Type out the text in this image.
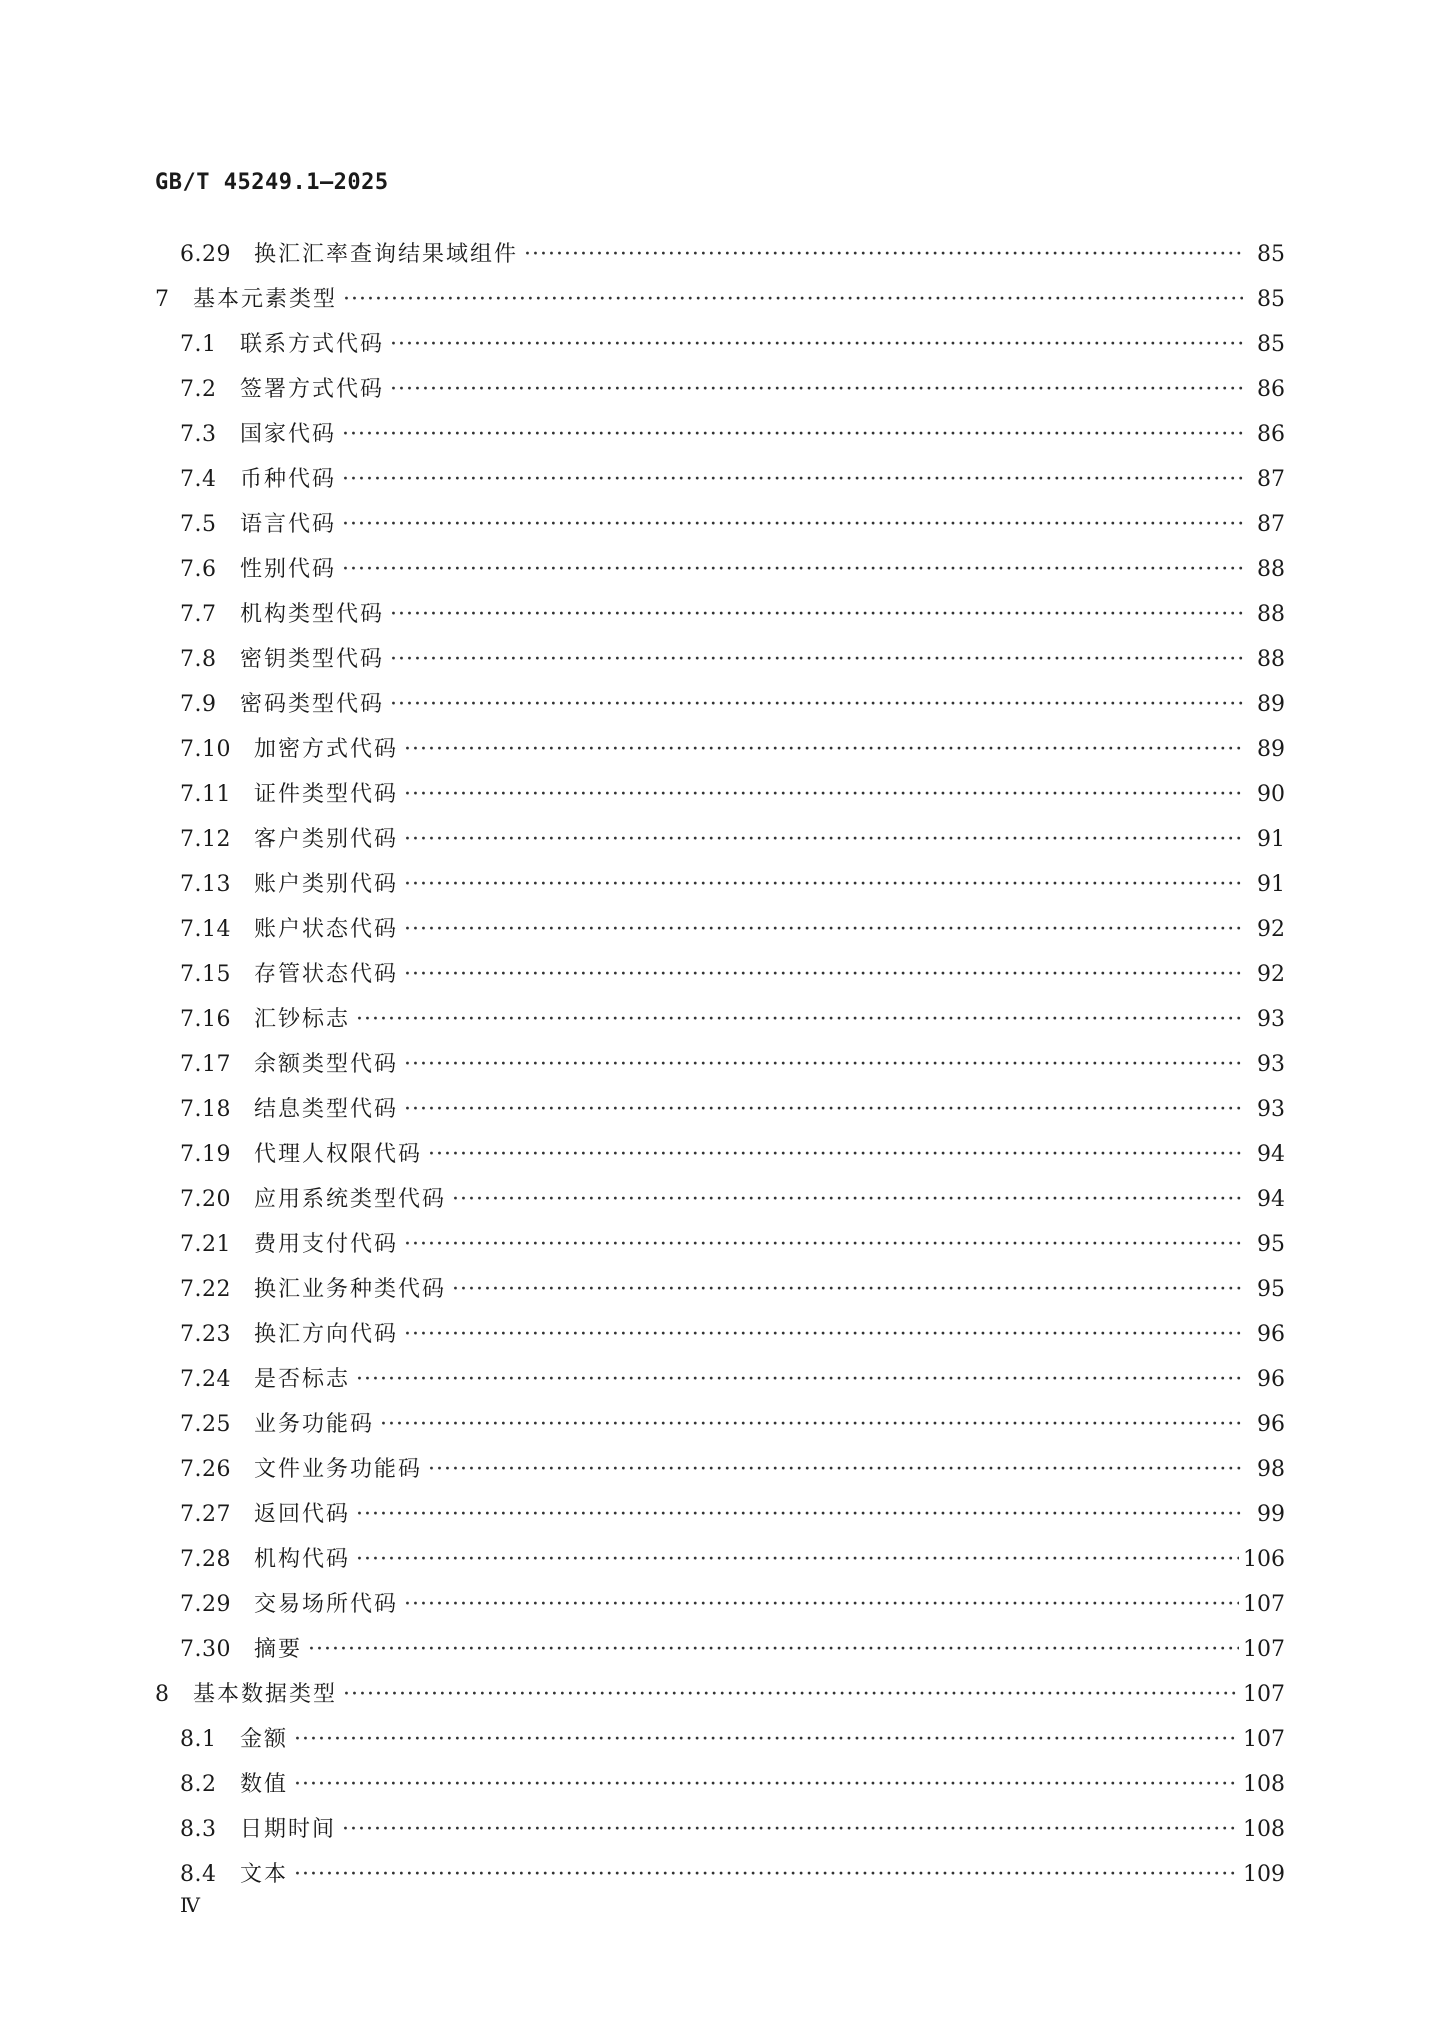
GB/T 45249.1—2025
6.29	换汇汇率查询结果域组件 ·····	85
7	基本元素类型 ·····	85
7.1	联系方式代码 ·····	85
7.2	签署方式代码 ·····	86
7.3	国家代码 ·····	86
7.4	币种代码 ·····	87
7.5	语言代码 ·····	87
7.6	性别代码 ·····	88
7.7	机构类型代码 ·····	88
7.8	密钥类型代码 ·····	88
7.9	密码类型代码 ·····	89
7.10	加密方式代码 ·····	89
7.11	证件类型代码 ·····	90
7.12	客户类别代码 ·····	91
7.13	账户类别代码 ·····	91
7.14	账户状态代码 ·····	92
7.15	存管状态代码 ·····	92
7.16	汇钞标志 ·····	93
7.17	余额类型代码 ·····	93
7.18	结息类型代码 ·····	93
7.19	代理人权限代码 ·····	94
7.20	应用系统类型代码 ·····	94
7.21	费用支付代码 ·····	95
7.22	换汇业务种类代码 ·····	95
7.23	换汇方向代码 ·····	96
7.24	是否标志 ·····	96
7.25	业务功能码 ·····	96
7.26	文件业务功能码 ·····	98
7.27	返回代码 ·····	99
7.28	机构代码 ·····	106
7.29	交易场所代码 ·····	107
7.30	摘要 ·····	107
8	基本数据类型 ·····	107
8.1	金额 ·····	107
8.2	数值 ·····	108
8.3	日期时间 ·····	108
8.4	文本 ·····	109
Ⅳ
